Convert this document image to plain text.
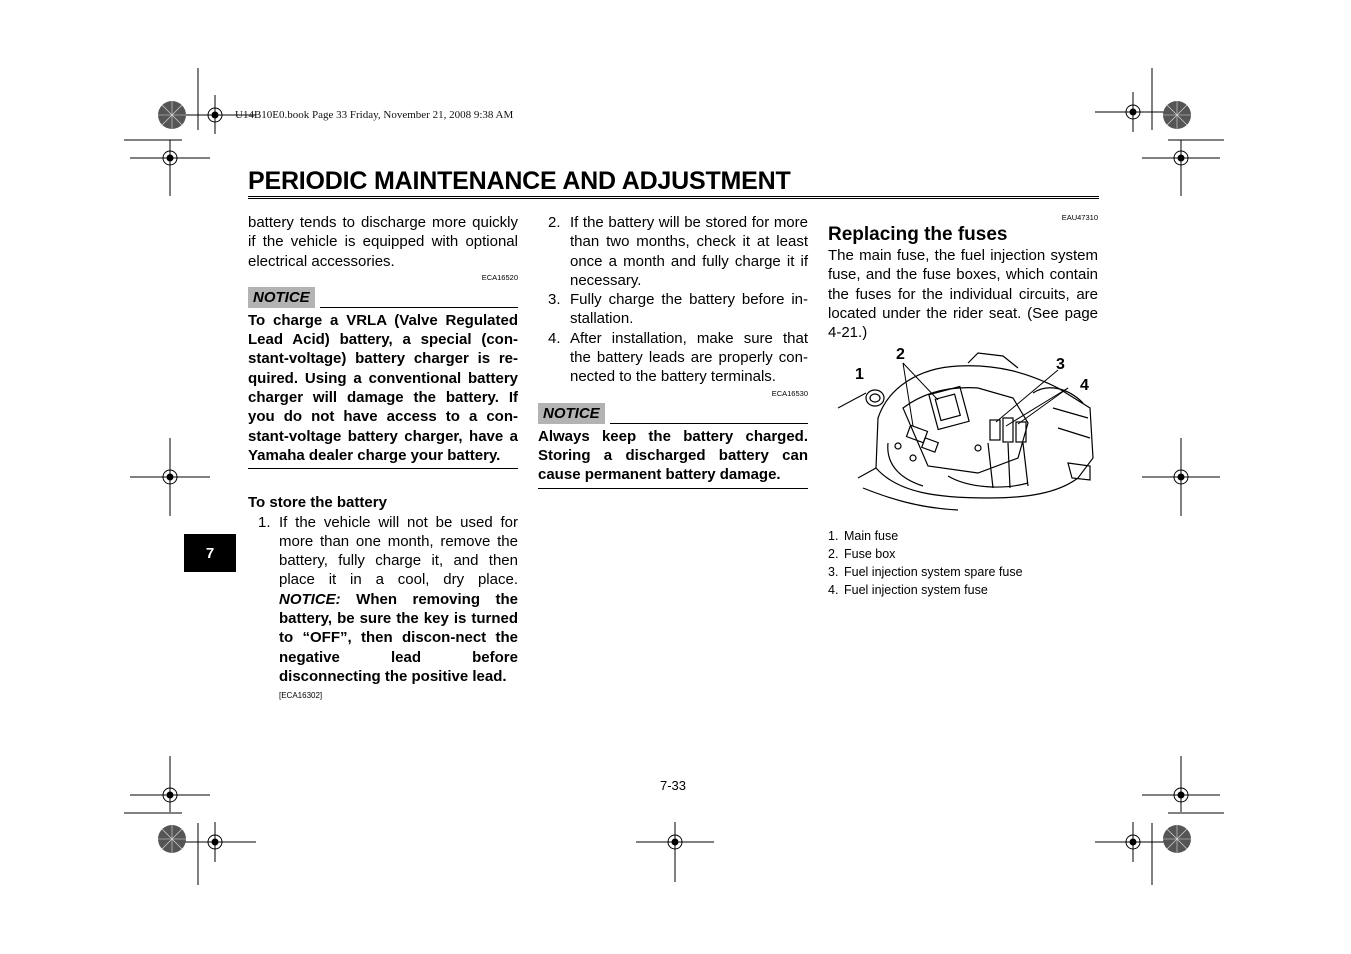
U14B10E0.book Page 33 Friday, November 21, 2008 9:38 AM
PERIODIC MAINTENANCE AND ADJUSTMENT
battery tends to discharge more quickly if the vehicle is equipped with optional electrical accessories.
ECA16520
NOTICE
To charge a VRLA (Valve Regulated Lead Acid) battery, a special (con-stant-voltage) battery charger is re-quired. Using a conventional battery charger will damage the battery. If you do not have access to a con-stant-voltage battery charger, have a Yamaha dealer charge your battery.
To store the battery
1. If the vehicle will not be used for more than one month, remove the battery, fully charge it, and then place it in a cool, dry place. NOTICE: When removing the battery, be sure the key is turned to “OFF”, then discon-nect the negative lead before disconnecting the positive lead.
[ECA16302]
2. If the battery will be stored for more than two months, check it at least once a month and fully charge it if necessary.
3. Fully charge the battery before in-stallation.
4. After installation, make sure that the battery leads are properly con-nected to the battery terminals.
ECA16530
NOTICE
Always keep the battery charged. Storing a discharged battery can cause permanent battery damage.
EAU47310
Replacing the fuses
The main fuse, the fuel injection system fuse, and the fuse boxes, which contain the fuses for the individual circuits, are located under the rider seat. (See page 4-21.)
1
2
3
4
1. Main fuse
2. Fuse box
3. Fuel injection system spare fuse
4. Fuel injection system fuse
7
7-33
